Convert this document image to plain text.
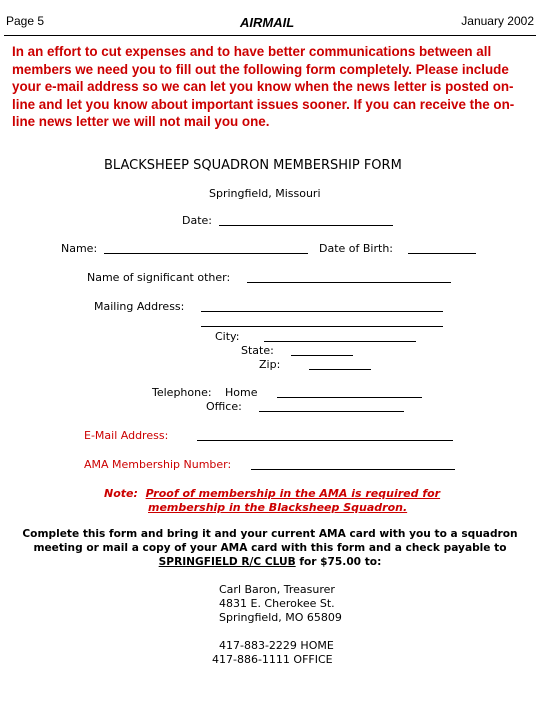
Page 5	AIRMAIL	January 2002
In an effort to cut expenses and to have better communications between all members we need you to fill out the following form completely. Please include your e-mail address so we can let you know when the news letter is posted on-line and let you know about important issues sooner. If you can receive the on-line news letter we will not mail you one.
BLACKSHEEP SQUADRON MEMBERSHIP FORM
Springfield, Missouri
Date:
Name:	Date of Birth:
Name of significant other:
Mailing Address:
City:
State:
Zip:
Telephone: Home
Office:
E-Mail Address:
AMA Membership Number:
Note: Proof of membership in the AMA is required for
membership in the Blacksheep Squadron.
Complete this form and bring it and your current AMA card with you to a squadron
meeting or mail a copy of your AMA card with this form and a check payable to
SPRINGFIELD R/C CLUB for $75.00 to:
Carl Baron, Treasurer
4831 E. Cherokee St.
Springfield, MO 65809
417-883-2229 HOME
417-886-1111 OFFICE
